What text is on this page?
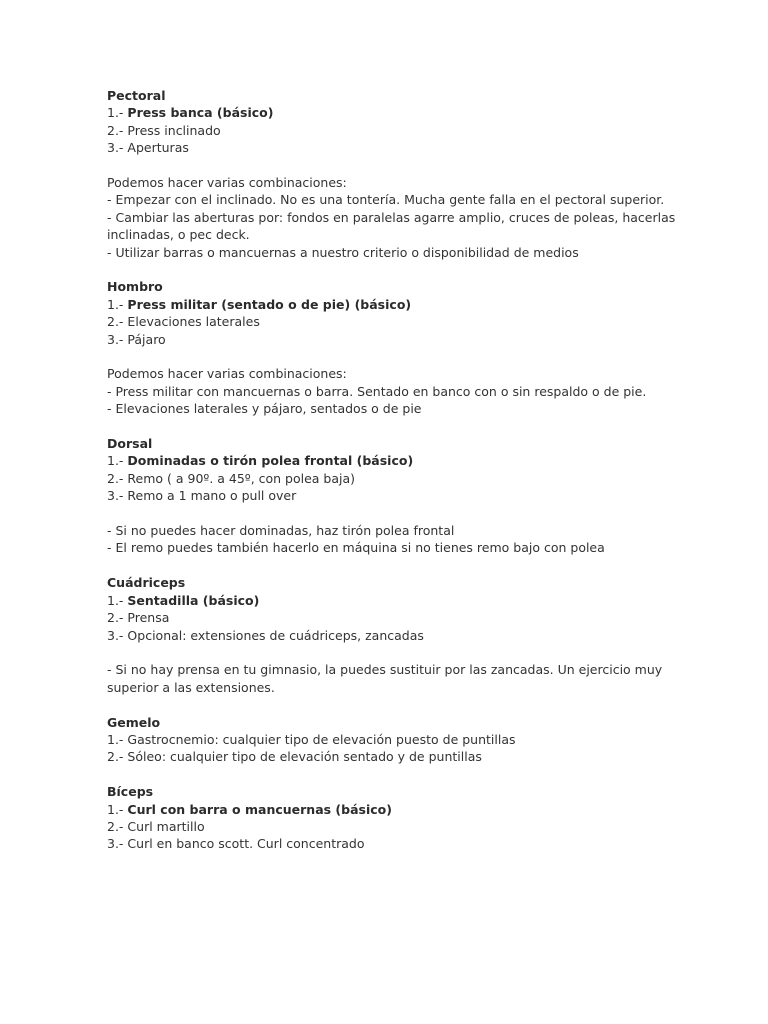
Pectoral
1.- Press banca (básico)
2.- Press inclinado
3.- Aperturas
Podemos hacer varias combinaciones:
- Empezar con el inclinado. No es una tontería. Mucha gente falla en el pectoral superior.
- Cambiar las aberturas por: fondos en paralelas agarre amplio, cruces de poleas, hacerlas inclinadas, o pec deck.
- Utilizar barras o mancuernas a nuestro criterio o disponibilidad de medios
Hombro
1.- Press militar (sentado o de pie) (básico)
2.- Elevaciones laterales
3.- Pájaro
Podemos hacer varias combinaciones:
- Press militar con mancuernas o barra. Sentado en banco con o sin respaldo o de pie.
- Elevaciones laterales y pájaro, sentados o de pie
Dorsal
1.- Dominadas o tirón polea frontal (básico)
2.- Remo ( a 90º. a 45º, con polea baja)
3.- Remo a 1 mano o pull over
- Si no puedes hacer dominadas, haz tirón polea frontal
- El remo puedes también hacerlo en máquina si no tienes remo bajo con polea
Cuádriceps
1.- Sentadilla (básico)
2.- Prensa
3.- Opcional: extensiones de cuádriceps, zancadas
- Si no hay prensa en tu gimnasio, la puedes sustituir por las zancadas. Un ejercicio muy superior a las extensiones.
Gemelo
1.- Gastrocnemio: cualquier tipo de elevación puesto de puntillas
2.- Sóleo: cualquier tipo de elevación sentado y de puntillas
Bíceps
1.- Curl con barra o mancuernas (básico)
2.- Curl martillo
3.- Curl en banco scott. Curl concentrado
